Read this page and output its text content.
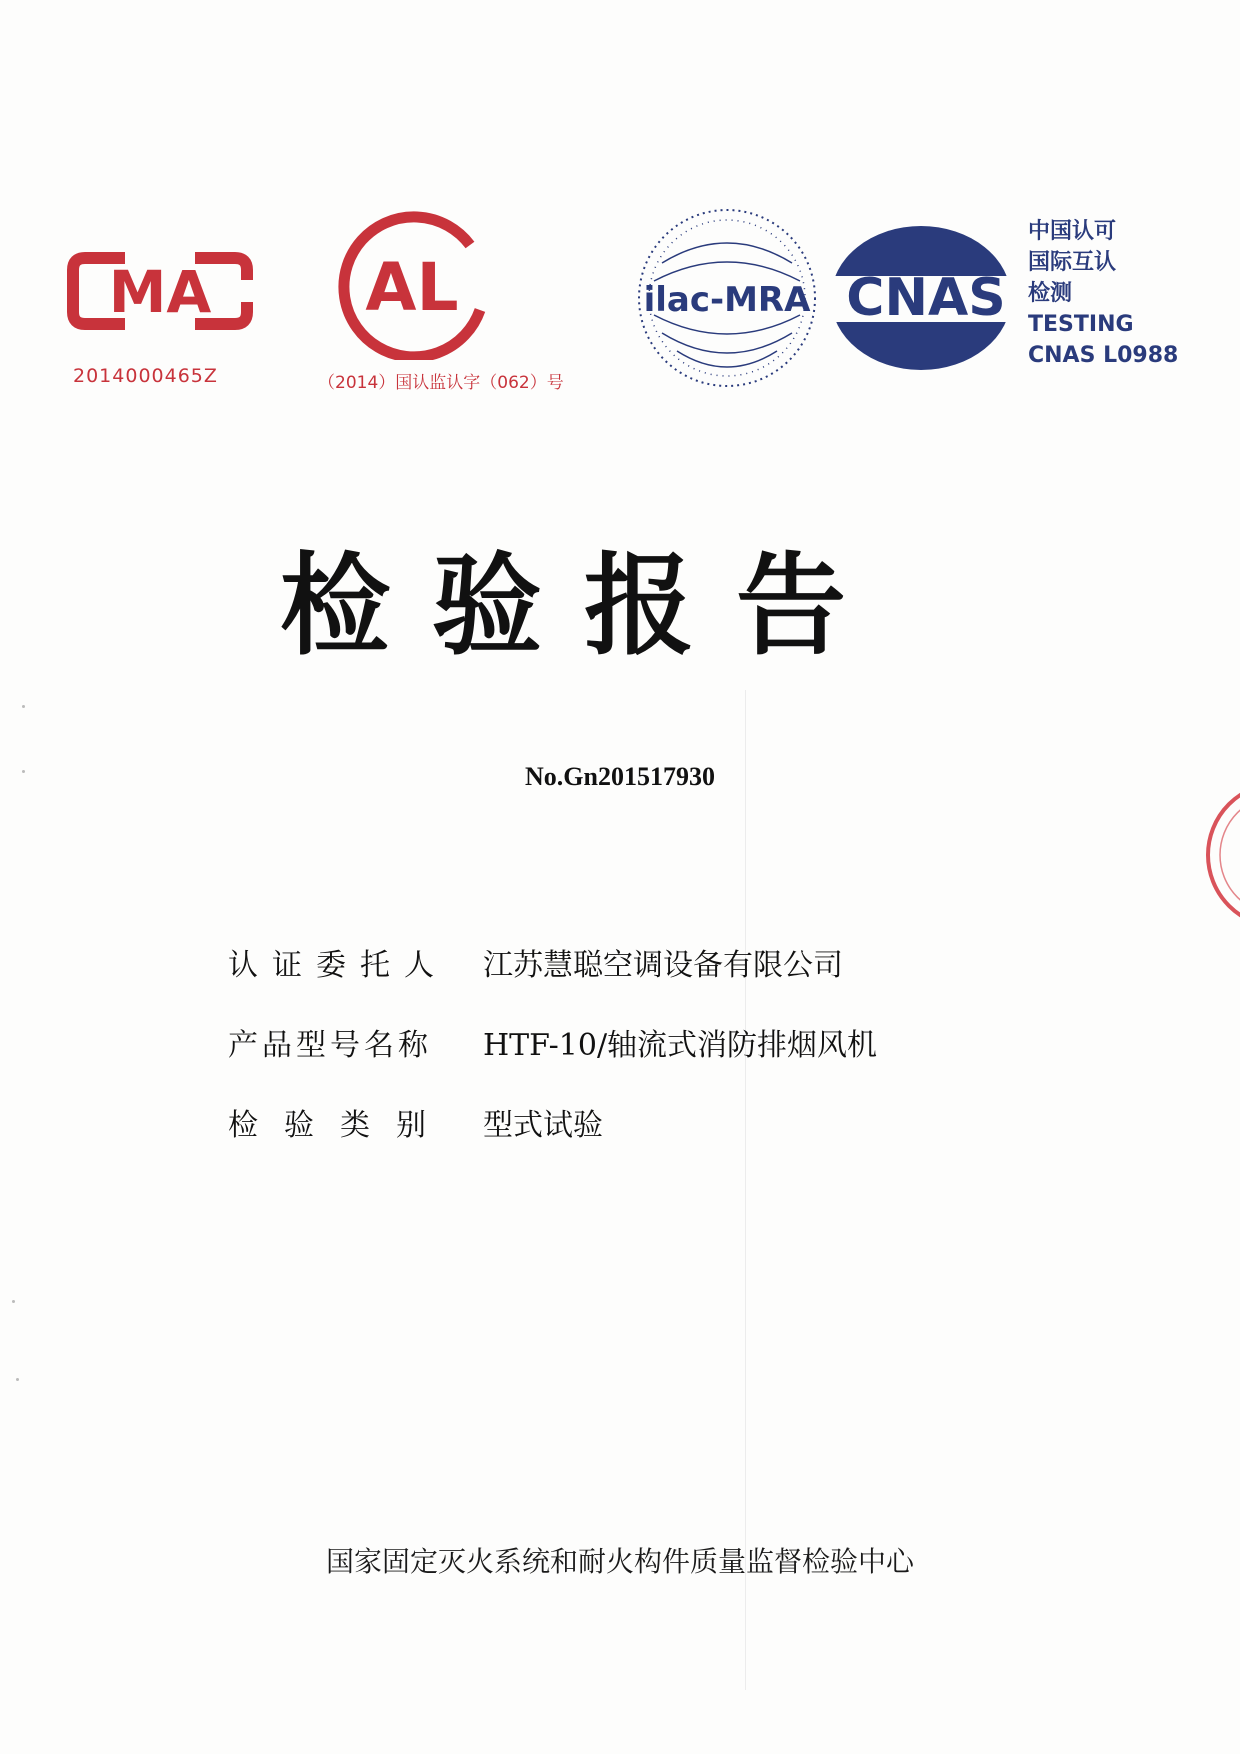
MA
2014000465Z
AL
（2014）国认监认字（062）号
ilac-MRA CNAS
中国认可
国际互认
检测
TESTING
CNAS L0988
检验报告
No.Gn201517930
认证委托人 江苏慧聪空调设备有限公司
产品型号名称	HTF-10/轴流式消防排烟风机
检验类别 型式试验
国家固定灭火系统和耐火构件质量监督检验中心
